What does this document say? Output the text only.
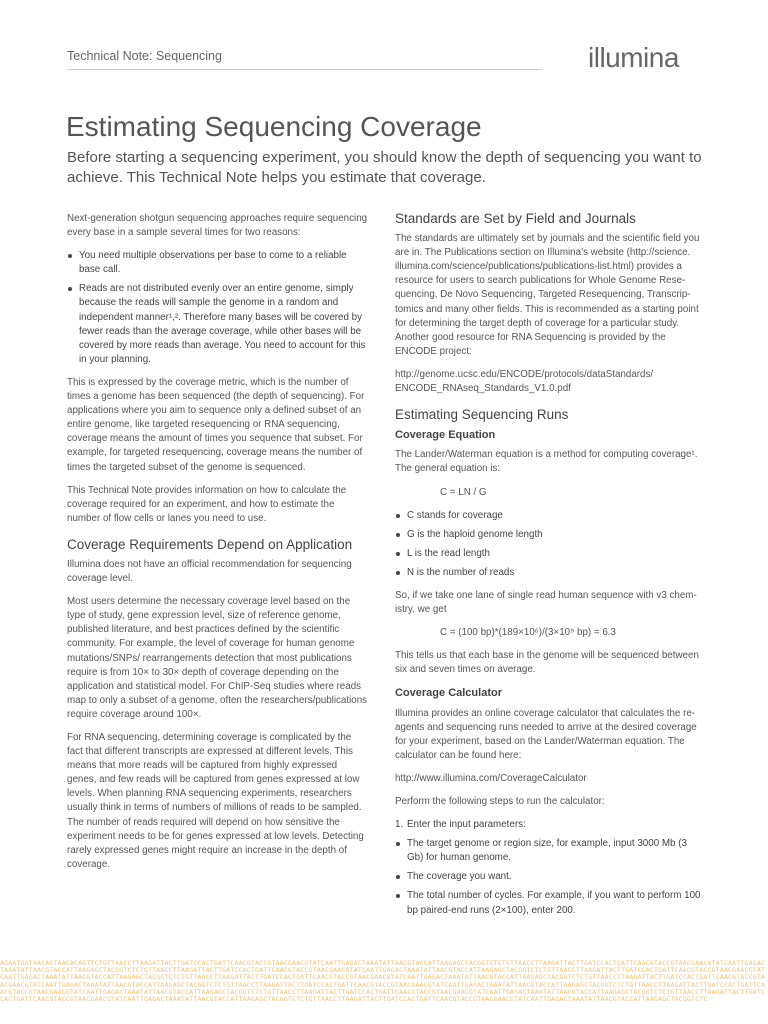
Technical Note: Sequencing	illumina
Estimating Sequencing Coverage

Before starting a sequencing experiment, you should know the depth of sequencing you want to achieve. This Technical Note helps you estimate that coverage.

Next-generation shotgun sequencing approaches require sequencing every base in a sample several times for two reasons:

You need multiple observations per base to come to a reliable base call.
Reads are not distributed evenly over an entire genome, simply because the reads will sample the genome in a random and independent manner¹,². Therefore many bases will be covered by fewer reads than the average coverage, while other bases will be covered by more reads than average. You need to account for this in your planning.

This is expressed by the coverage metric, which is the number of times a genome has been sequenced (the depth of sequencing). For applications where you aim to sequence only a defined subset of an entire genome, like targeted resequencing or RNA sequencing, coverage means the amount of times you sequence that subset. For example, for targeted resequencing, coverage means the number of times the targeted subset of the genome is sequenced.

This Technical Note provides information on how to calculate the coverage required for an experiment, and how to estimate the number of flow cells or lanes you need to use.

Coverage Requirements Depend on Application

Illumina does not have an official recommendation for sequencing coverage level.

Most users determine the necessary coverage level based on the type of study, gene expression level, size of reference genome, published literature, and best practices defined by the scientific community. For example, the level of coverage for human genome mutations/SNPs/ rearrangements detection that most publications require is from 10× to 30× depth of coverage depending on the application and statistical model. For ChIP-Seq studies where reads map to only a subset of a genome, often the researchers/publications require coverage around 100×.

For RNA sequencing, determining coverage is complicated by the fact that different transcripts are expressed at different levels. This means that more reads will be captured from highly expressed genes, and few reads will be captured from genes expressed at low levels. When planning RNA sequencing experiments, researchers usually think in terms of numbers of millions of reads to be sampled. The number of reads required will depend on how sensitive the experiment needs to be for genes expressed at low levels. Detecting rarely expressed genes might require an increase in the depth of coverage.

Standards are Set by Field and Journals

The standards are ultimately set by journals and the scientific field you are in. The Publications section on Illumina’s website (http://science. illumina.com/science/publications/publications-list.html) provides a resource for users to search publications for Whole Genome Rese- quencing, De Novo Sequencing, Targeted Resequencing, Transcrip- tomics and many other fields. This is recommended as a starting point for determining the target depth of coverage for a particular study. Another good resource for RNA Sequencing is provided by the ENCODE project:

http://genome.ucsc.edu/ENCODE/protocols/dataStandards/ ENCODE_RNAseq_Standards_V1.0.pdf

Estimating Sequencing Runs
Coverage Equation

The Lander/Waterman equation is a method for computing coverage¹. The general equation is:

C = LN / G

C stands for coverage
G is the haploid genome length
L is the read length
N is the number of reads

So, if we take one lane of single read human sequence with v3 chem- istry, we get

C = (100 bp)*(189×10⁶)/(3×10⁹ bp) = 6.3

This tells us that each base in the genome will be sequenced between six and seven times on average.

Coverage Calculator

Illumina provides an online coverage calculator that calculates the re- agents and sequencing runs needed to arrive at the desired coverage for your experiment, based on the Lander/Waterman equation. The calculator can be found here:

http://www.illumina.com/CoverageCalculator

Perform the following steps to run the calculator:

1. Enter the input parameters:
The target genome or region size, for example, input 3000 Mb (3 Gb) for human genome.
The coverage you want.
The total number of cycles. For example, if you want to perform 100 bp paired-end runs (2×100), enter 200.
AGAATGATAACAGTAACACAGTTCTGTTAACCTTAAGATTACTTGATCCACTGATTCAACGTACCGTAACGAACGTATCAATTGAGACTAAATATTAACGTACCATTAAGAGCTACGGTCTCTGTTAACCTTAAGATTACTTGATCCACTGATTCAACGTACCGTAACGAACGTATCAATTGAGACTAAATATTAACGTACCATTAAGAGCTACGGTCTCTGTTAACCTTAAGATTACTTGATCCACTGATTCAACGTACCGTAACGAACGTATCAATTGAGACTAAATATTAACGTACCATTAAGAGCTACGGTCTCTGTTAACCTTAAGATTACTTGATCCACTGATTCAACGTACCGTAACGAACGTATCAATTGAGACTAAATATTAACGTACCATTAAGAGCTACGGTCTCTGTTAACCTTAAGATTACTTGATCCACTGATTCAACGTACCGTAACGAACGTATCAATTGAGACTAAATATTAACGTACCATTAAGAGCTACGGTCTCTGTTAACCTTAAGATTACTTGATCCACTGATTCAACGTACCGTAACGAACGTATCAATTGAGACTAAATATTAACGTACCATTAAGAGCTACGGTCTCTGTTAACCTTAAGATTACTTGATCCACTGATTCAACGTACCGTAACGAACGTATCAATTGAGACTAAATATTAACGTACCATTAAGAGCTACGGTCTCTGTTAACCTTAAGATTACTTGATCCACTGATTCAACGTACCGTAACGAACGTATCAATTGAGACTAAATATTAACGTACCATTAAGAGCTACGGTCTCTGTTAACCTTAAGATTACTTGATCCACTGATTCAACGTACCGTAACGAACGTATCAATTGAGACTAAATATTAACGTACCATTAAGAGCTACGGTCTCTGTTAACCTTAAGATTACTTGATCCACTGATTCAACGTACCGTAACGAACGTATCAATTGAGACTAAATATTAACGTACCATTAAGAGCTACGGTCTCTGTTAACCTTAAGATTACTTGATCCACTGATTCAACGTACCGTAACGAACGTATCAATTGAGACTAAATATTAACGTACCATTAAGAGCTACGGTCTC
